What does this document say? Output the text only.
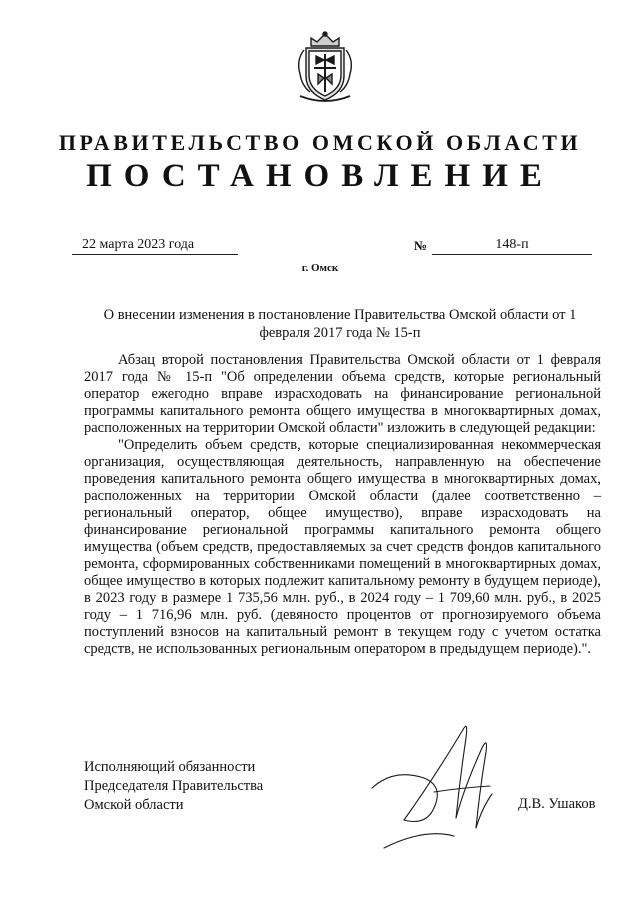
ПРАВИТЕЛЬСТВО ОМСКОЙ ОБЛАСТИ
ПОСТАНОВЛЕНИЕ
22 марта 2023 года	№	148-п
г. Омск
О внесении изменения в постановление Правительства Омской области от 1 февраля 2017 года № 15-п

Абзац второй постановления Правительства Омской области от 1 февраля 2017 года № 15-п "Об определении объема средств, которые региональный оператор ежегодно вправе израсходовать на финансирование региональной программы капитального ремонта общего имущества в многоквартирных домах, расположенных на территории Омской области" изложить в следующей редакции:

"Определить объем средств, которые специализированная некоммерческая организация, осуществляющая деятельность, направленную на обеспечение проведения капитального ремонта общего имущества в многоквартирных домах, расположенных на территории Омской области (далее соответственно – региональный оператор, общее имущество), вправе израсходовать на финансирование региональной программы капитального ремонта общего имущества (объем средств, предоставляемых за счет средств фондов капитального ремонта, сформированных собственниками помещений в многоквартирных домах, общее имущество в которых подлежит капитальному ремонту в будущем периоде), в 2023 году в размере 1 735,56 млн. руб., в 2024 году – 1 709,60 млн. руб., в 2025 году – 1 716,96 млн. руб. (девяносто процентов от прогнозируемого объема поступлений взносов на капитальный ремонт в текущем году с учетом остатка средств, не использованных региональным оператором в предыдущем периоде).".

Исполняющий обязанности
Председателя Правительства
Омской области	Д.В. Ушаков
